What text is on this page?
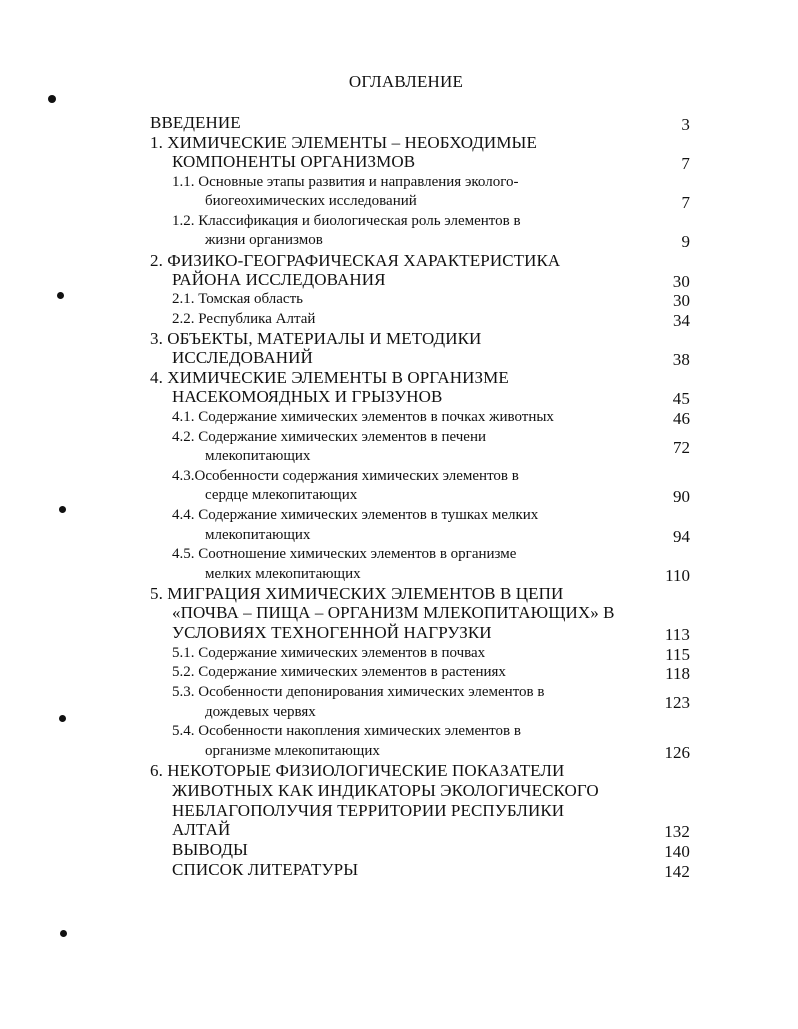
ОГЛАВЛЕНИЕ
ВВЕДЕНИЕ	3
1. ХИМИЧЕСКИЕ ЭЛЕМЕНТЫ – НЕОБХОДИМЫЕ
КОМПОНЕНТЫ ОРГАНИЗМОВ	7
1.1. Основные этапы развития и направления эколого-
биогеохимических исследований	7
1.2. Классификация и биологическая роль элементов в
жизни организмов	9
2. ФИЗИКО-ГЕОГРАФИЧЕСКАЯ ХАРАКТЕРИСТИКА
РАЙОНА ИССЛЕДОВАНИЯ	30
2.1. Томская область	30
2.2. Республика Алтай	34
3. ОБЪЕКТЫ, МАТЕРИАЛЫ И МЕТОДИКИ
ИССЛЕДОВАНИЙ	38
4. ХИМИЧЕСКИЕ ЭЛЕМЕНТЫ В ОРГАНИЗМЕ
НАСЕКОМОЯДНЫХ И ГРЫЗУНОВ	45
4.1. Содержание химических элементов в почках животных	46
4.2. Содержание химических элементов в печени
млекопитающих	72
4.3.Особенности содержания химических элементов в
сердце млекопитающих	90
4.4. Содержание химических элементов в тушках мелких
млекопитающих	94
4.5. Соотношение химических элементов в организме
мелких млекопитающих	110
5. МИГРАЦИЯ ХИМИЧЕСКИХ ЭЛЕМЕНТОВ В ЦЕПИ
«ПОЧВА – ПИЩА – ОРГАНИЗМ МЛЕКОПИТАЮЩИХ» В
УСЛОВИЯХ ТЕХНОГЕННОЙ НАГРУЗКИ	113
5.1. Содержание химических элементов в почвах	115
5.2. Содержание химических элементов в растениях	118
5.3. Особенности депонирования химических элементов в
дождевых червях	123
5.4. Особенности накопления химических элементов в
организме млекопитающих	126
6. НЕКОТОРЫЕ ФИЗИОЛОГИЧЕСКИЕ ПОКАЗАТЕЛИ
ЖИВОТНЫХ КАК ИНДИКАТОРЫ ЭКОЛОГИЧЕСКОГО
НЕБЛАГОПОЛУЧИЯ ТЕРРИТОРИИ РЕСПУБЛИКИ
АЛТАЙ	132
ВЫВОДЫ	140
СПИСОК ЛИТЕРАТУРЫ	142
